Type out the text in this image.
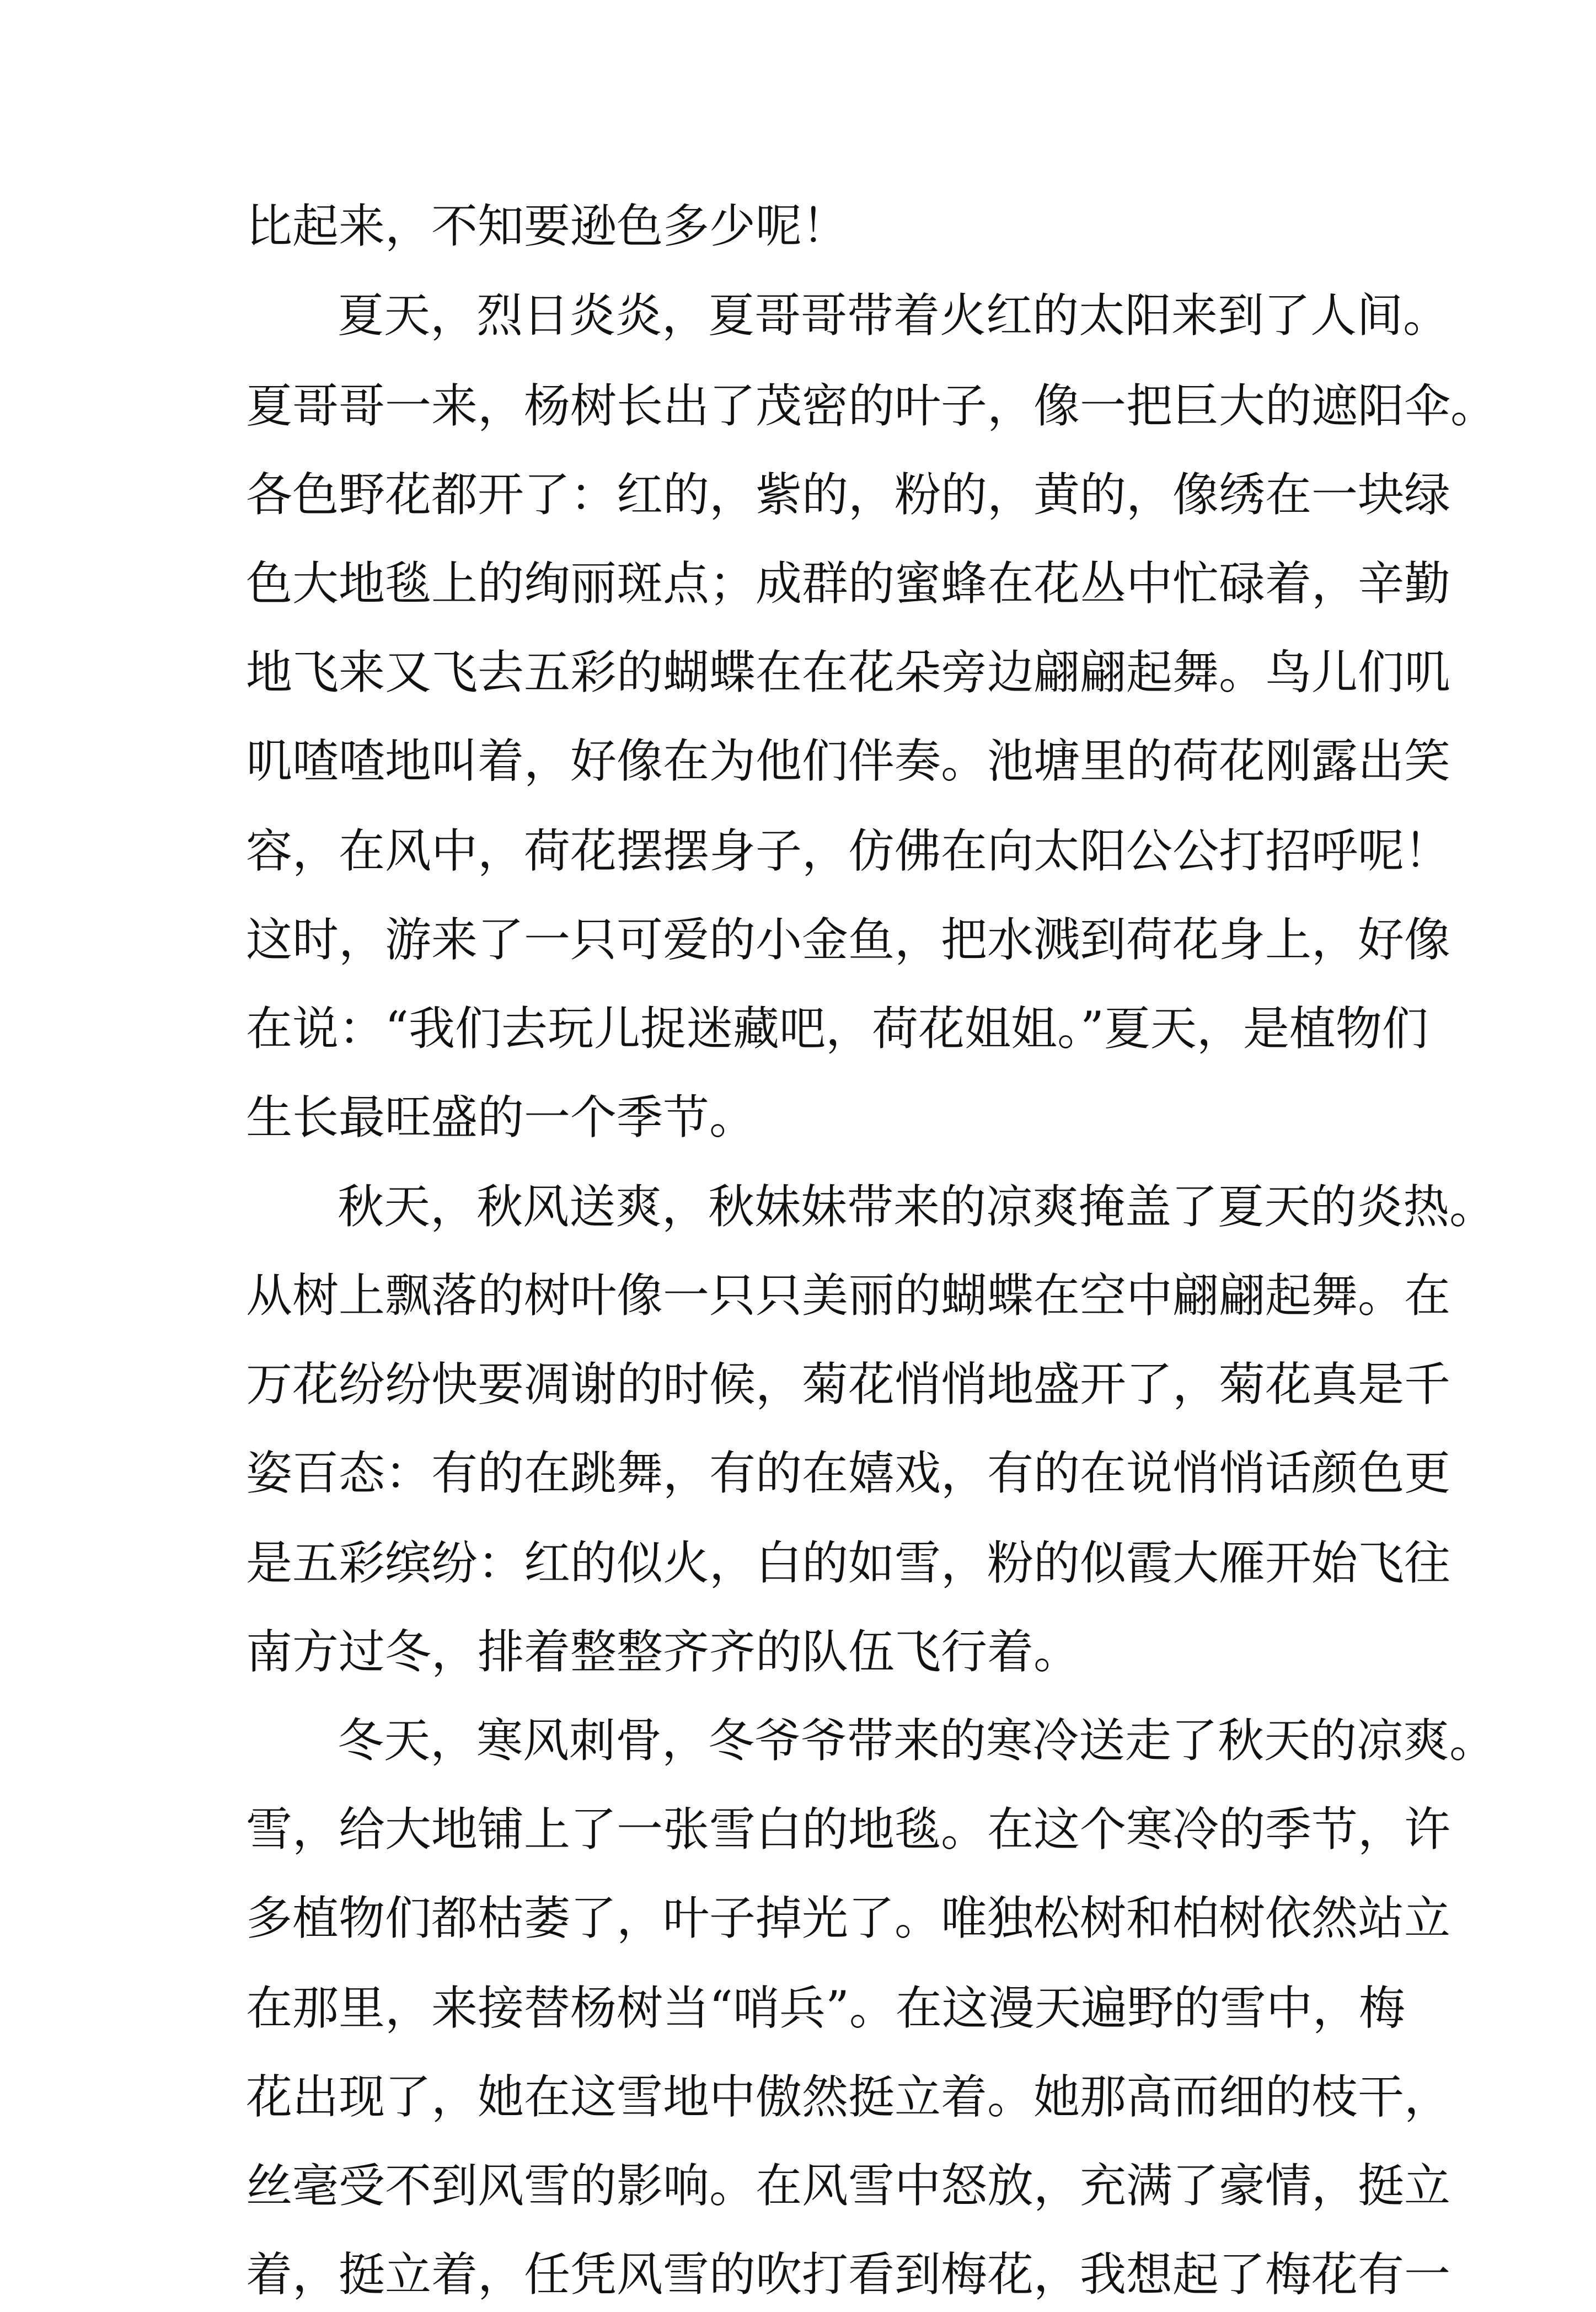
比起来，不知要逊色多少呢！
夏天，烈日炎炎，夏哥哥带着火红的太阳来到了人间。
夏哥哥一来，杨树长出了茂密的叶子，像一把巨大的遮阳伞。
各色野花都开了：红的，紫的，粉的，黄的，像绣在一块绿
色大地毯上的绚丽斑点；成群的蜜蜂在花丛中忙碌着，辛勤
地飞来又飞去五彩的蝴蝶在在花朵旁边翩翩起舞。鸟儿们叽
叽喳喳地叫着，好像在为他们伴奏。池塘里的荷花刚露出笑
容，在风中，荷花摆摆身子，仿佛在向太阳公公打招呼呢！
这时，游来了一只可爱的小金鱼，把水溅到荷花身上，好像
在说：“我们去玩儿捉迷藏吧，荷花姐姐。”夏天，是植物们
生长最旺盛的一个季节。
秋天，秋风送爽，秋妹妹带来的凉爽掩盖了夏天的炎热。
从树上飘落的树叶像一只只美丽的蝴蝶在空中翩翩起舞。在
万花纷纷快要凋谢的时候，菊花悄悄地盛开了，菊花真是千
姿百态：有的在跳舞，有的在嬉戏，有的在说悄悄话颜色更
是五彩缤纷：红的似火，白的如雪，粉的似霞大雁开始飞往
南方过冬，排着整整齐齐的队伍飞行着。
冬天，寒风刺骨，冬爷爷带来的寒冷送走了秋天的凉爽。
雪，给大地铺上了一张雪白的地毯。在这个寒冷的季节，许
多植物们都枯萎了，叶子掉光了。唯独松树和柏树依然站立
在那里，来接替杨树当“哨兵”。在这漫天遍野的雪中，梅
花出现了，她在这雪地中傲然挺立着。她那高而细的枝干，
丝毫受不到风雪的影响。在风雪中怒放，充满了豪情，挺立
着，挺立着，任凭风雪的吹打看到梅花，我想起了梅花有一
